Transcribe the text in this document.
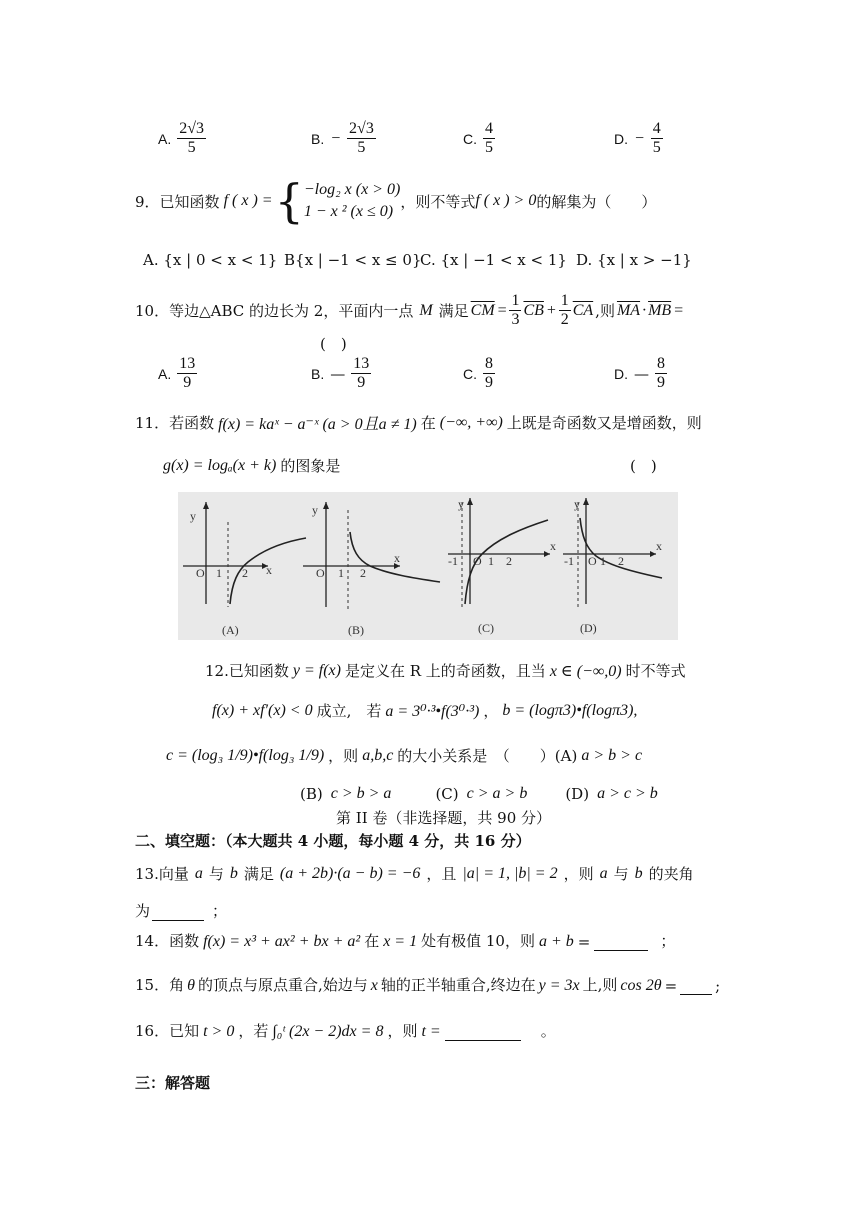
A. $\frac{2√3}{5}$	B. − $\frac{2√3}{5}$	C. $\frac{4}{5}$	D. − $\frac{4}{5}$
9． 已知函数 f ( x ) = { −log₂ x (x > 0)
1 − x ² (x ≤ 0)
，则不等式 f ( x ) > 0 的解集为（　　）
A. {x | 0 < x < 1} B{x | −1 < x ≤ 0}
C. {x | −1 < x < 1} D. {x | x > −1}
10．等边△ABC 的边长为 2，平面内一点 M 满足 $\overline{CM} = \frac{1}{3} \overline{CB} + \frac{1}{2} \overline{CA}$ ,则 $\overline{MA} \cdot \overline{MB}$ =
(　)
A. $\frac{13}{9}$	B. — $\frac{13}{9}$	C. $\frac{8}{9}$	D. — $\frac{8}{9}$
11．若函数 f(x) = kaˣ − a⁻ˣ (a > 0且a ≠ 1) 在 (−∞, +∞) 上既是奇函数又是增函数，则
g(x) = logₐ(x + k) 的图象是	(　)
y
O 1 2 x
(A)
y
O 1 2
x
(B)
y
-1 O 1 2
x
(C)
y
-1 O 1 2
x
(D)
12.已知函数 y = f(x) 是定义在 R 上的奇函数，且当 x ∈ (−∞,0) 时不等式
f(x) + xf′(x) < 0 成立,　若 a = 3⁰·³•f(3⁰·³) ， b = (logπ3)•f(logπ3),
c = (log₃ 1/9)•f(log₃ 1/9) ，则 a,b,c 的大小关系是　（　　）(A) a > b > c
(B) c > b > a	(C) c > a > b	(D) a > c > b
第 II 卷（非选择题，共 90 分）
二、填空题：（本大题共 4 小题，每小题 4 分，共 16 分）
13.向量 a 与 b 满足 (a + 2b)·(a − b) = −6 ，且 |a| = 1, |b| = 2 ，则 a 与 b 的夹角
为	；
14．函数 f(x) = x³ + ax² + bx + a² 在 x = 1 处有极值 10，则 a + b =	；
15．角 θ 的顶点与原点重合,始边与 x 轴的正半轴重合,终边在 y = 3x 上,则 cos 2θ =	;
16．已知 t > 0 ，若 ∫₀ᵗ (2x − 2)dx = 8 ，则 t =	。
三：解答题
